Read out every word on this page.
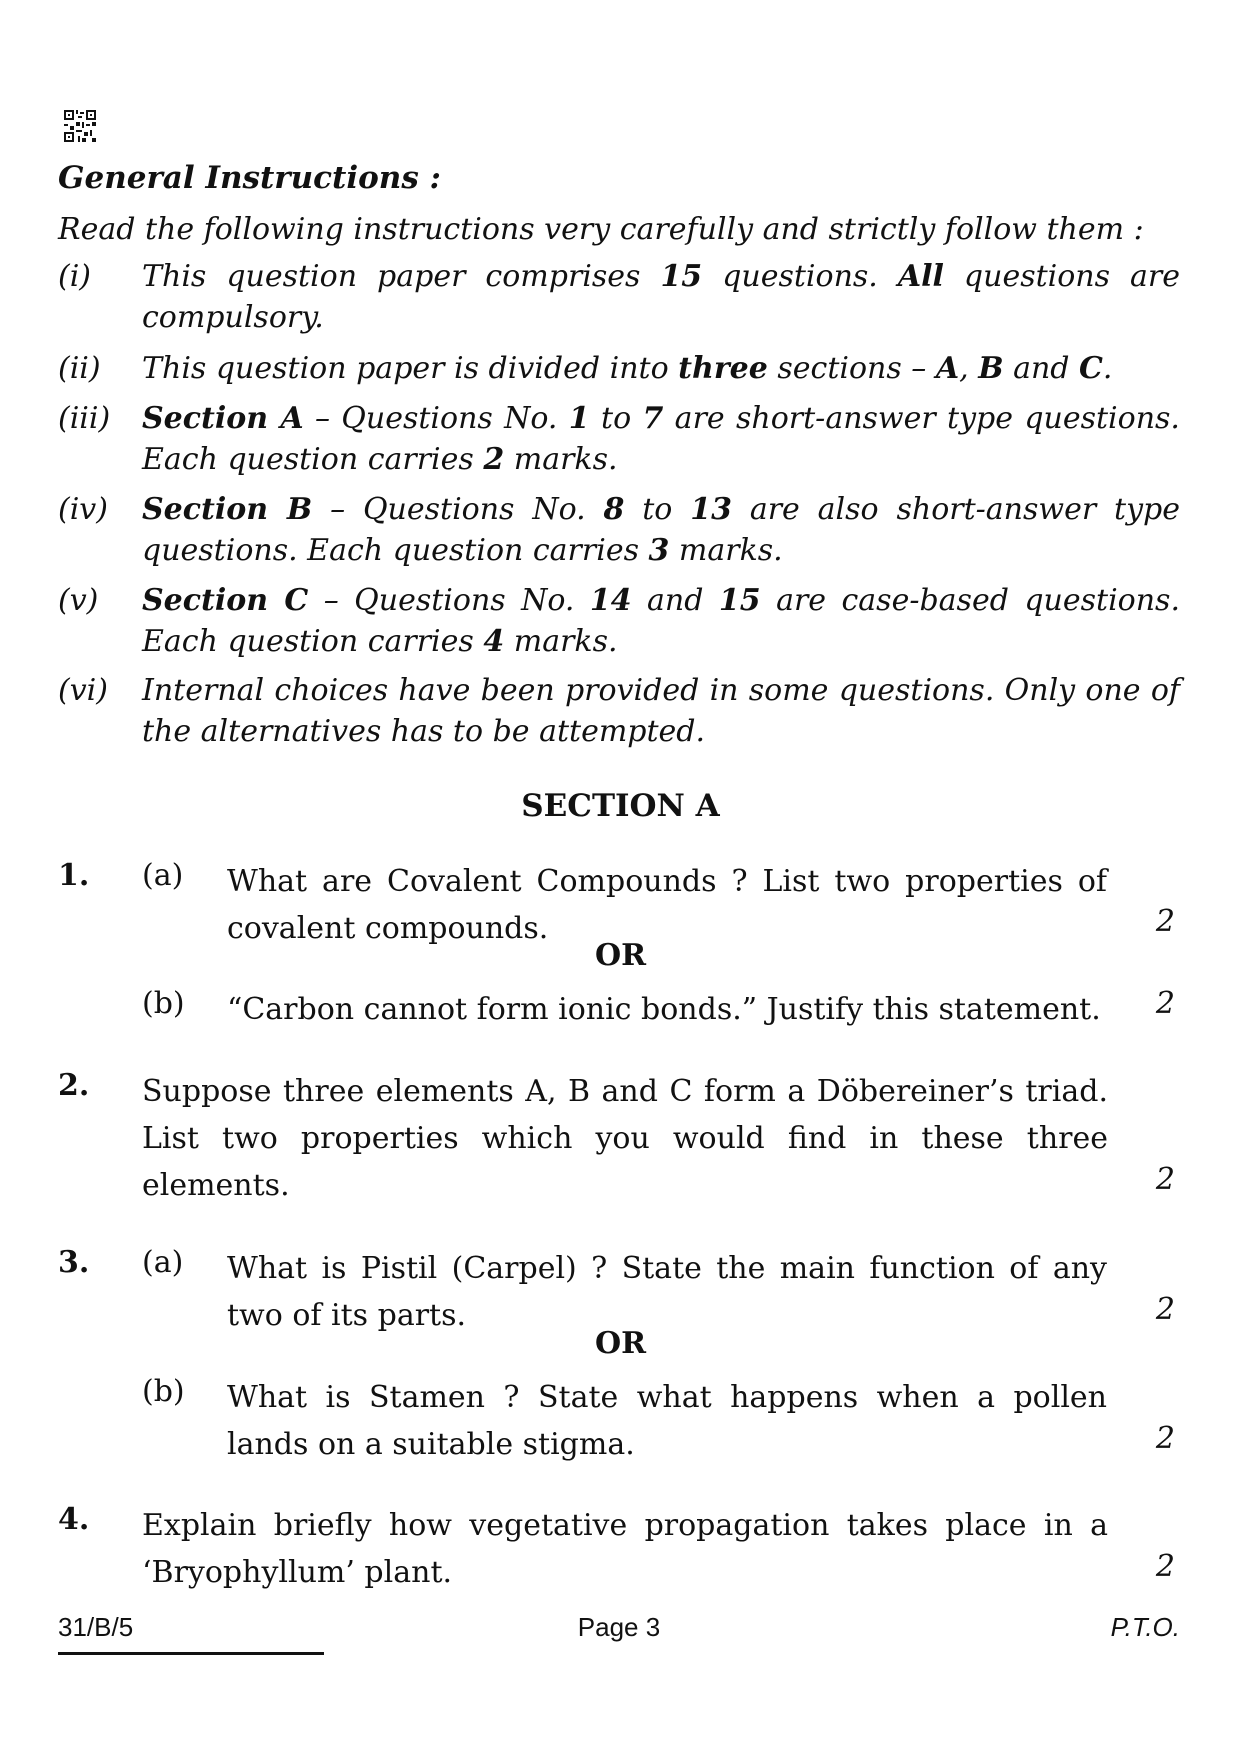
General Instructions :
Read the following instructions very carefully and strictly follow them :
(i) This question paper comprises 15 questions. All questions are compulsory.
(ii) This question paper is divided into three sections – A, B and C.
(iii) Section A – Questions No. 1 to 7 are short-answer type questions. Each question carries 2 marks.
(iv) Section B – Questions No. 8 to 13 are also short-answer type questions. Each question carries 3 marks.
(v) Section C – Questions No. 14 and 15 are case-based questions. Each question carries 4 marks.
(vi) Internal choices have been provided in some questions. Only one of the alternatives has to be attempted.
SECTION A
1. (a) What are Covalent Compounds ? List two properties of covalent compounds.	2
OR
(b) “Carbon cannot form ionic bonds.” Justify this statement. 2
2. Suppose three elements A, B and C form a Döbereiner’s triad. List two properties which you would find in these three elements.	2
3. (a) What is Pistil (Carpel) ? State the main function of any two of its parts.	2
OR
(b) What is Stamen ? State what happens when a pollen lands on a suitable stigma.	2
4. Explain briefly how vegetative propagation takes place in a ‘Bryophyllum’ plant.	2
31/B/5	Page 3	P.T.O.
